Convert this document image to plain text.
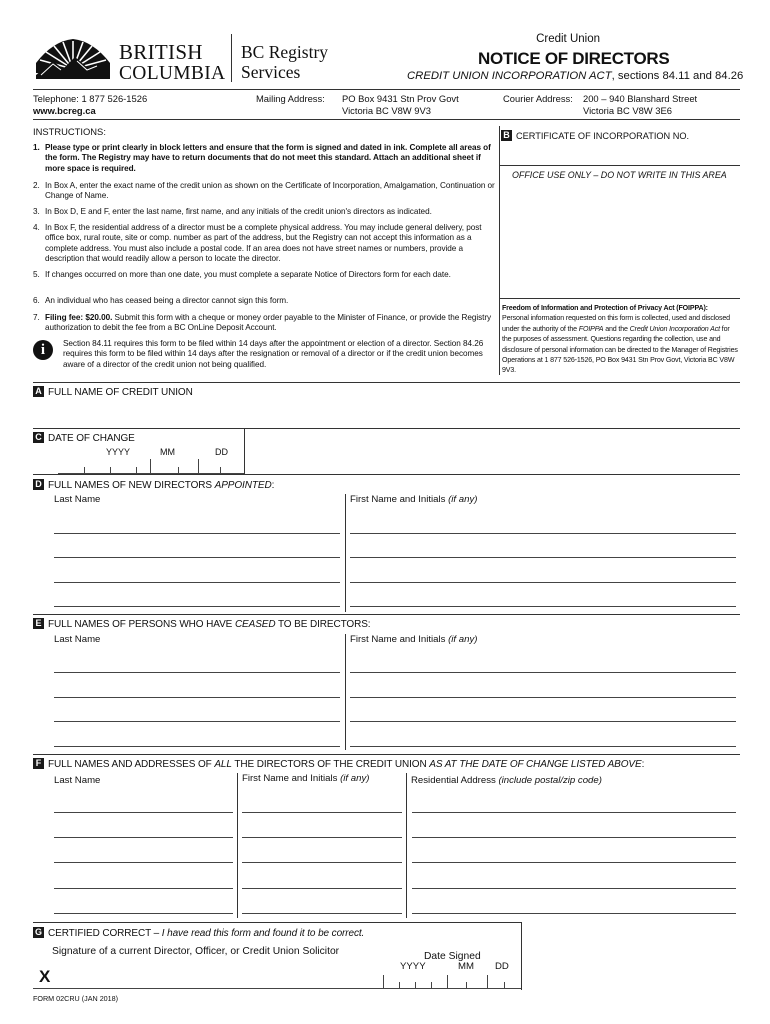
BRITISH
COLUMBIA
BC Registry
Services
Credit Union
NOTICE OF DIRECTORS
CREDIT UNION INCORPORATION ACT, sections 84.11 and 84.26
Telephone: 1 877 526-1526
www.bcreg.ca
Mailing Address: PO Box 9431 Stn Prov Govt
Victoria BC V8W 9V3
Courier Address: 200 – 940 Blanshard Street
Victoria BC V8W 3E6
INSTRUCTIONS:
1. Please type or print clearly in block letters and ensure that the form is signed and dated in ink. Complete all areas of the form. The Registry may have to return documents that do not meet this standard. Attach an additional sheet if more space is required.
2. In Box A, enter the exact name of the credit union as shown on the Certificate of Incorporation, Amalgamation, Continuation or Change of Name.
3. In Box D, E and F, enter the last name, first name, and any initials of the credit union's directors as indicated.
4. In Box F, the residential address of a director must be a complete physical address. You may include general delivery, post office box, rural route, site or comp. number as part of the address, but the Registry can not accept this information as a complete address. You must also include a postal code. If an area does not have street names or numbers, provide a description that would readily allow a person to locate the director.
5. If changes occurred on more than one date, you must complete a separate Notice of Directors form for each date.
6. An individual who has ceased being a director cannot sign this form.
7. Filing fee: $20.00. Submit this form with a cheque or money order payable to the Minister of Finance, or provide the Registry authorization to debit the fee from a BC OnLine Deposit Account.
i	Section 84.11 requires this form to be filed within 14 days after the appointment or election of a director. Section 84.26 requires this form to be filed within 14 days after the resignation or removal of a director or if the credit union becomes aware of a director of the credit union not being qualified.
B CERTIFICATE OF INCORPORATION NO.
OFFICE USE ONLY – DO NOT WRITE IN THIS AREA
Freedom of Information and Protection of Privacy Act (FOIPPA):
Personal information requested on this form is collected, used and disclosed under the authority of the FOIPPA and the Credit Union Incorporation Act for the purposes of assessment. Questions regarding the collection, use and disclosure of personal information can be directed to the Manager of Registries Operations at 1 877 526-1526, PO Box 9431 Stn Prov Govt, Victoria BC V8W 9V3.
A FULL NAME OF CREDIT UNION
C DATE OF CHANGE
YYYY	MM	DD
D FULL NAMES OF NEW DIRECTORS APPOINTED:
Last Name	First Name and Initials (if any)
E FULL NAMES OF PERSONS WHO HAVE CEASED TO BE DIRECTORS:
Last Name	First Name and Initials (if any)
F FULL NAMES AND ADDRESSES OF ALL THE DIRECTORS OF THE CREDIT UNION AS AT THE DATE OF CHANGE LISTED ABOVE:
Last Name	First Name and Initials (if any)	Residential Address (include postal/zip code)
G CERTIFIED CORRECT – I have read this form and found it to be correct.
Signature of a current Director, Officer, or Credit Union Solicitor
X
Date Signed
YYYY	MM DD
FORM 02CRU (JAN 2018)
